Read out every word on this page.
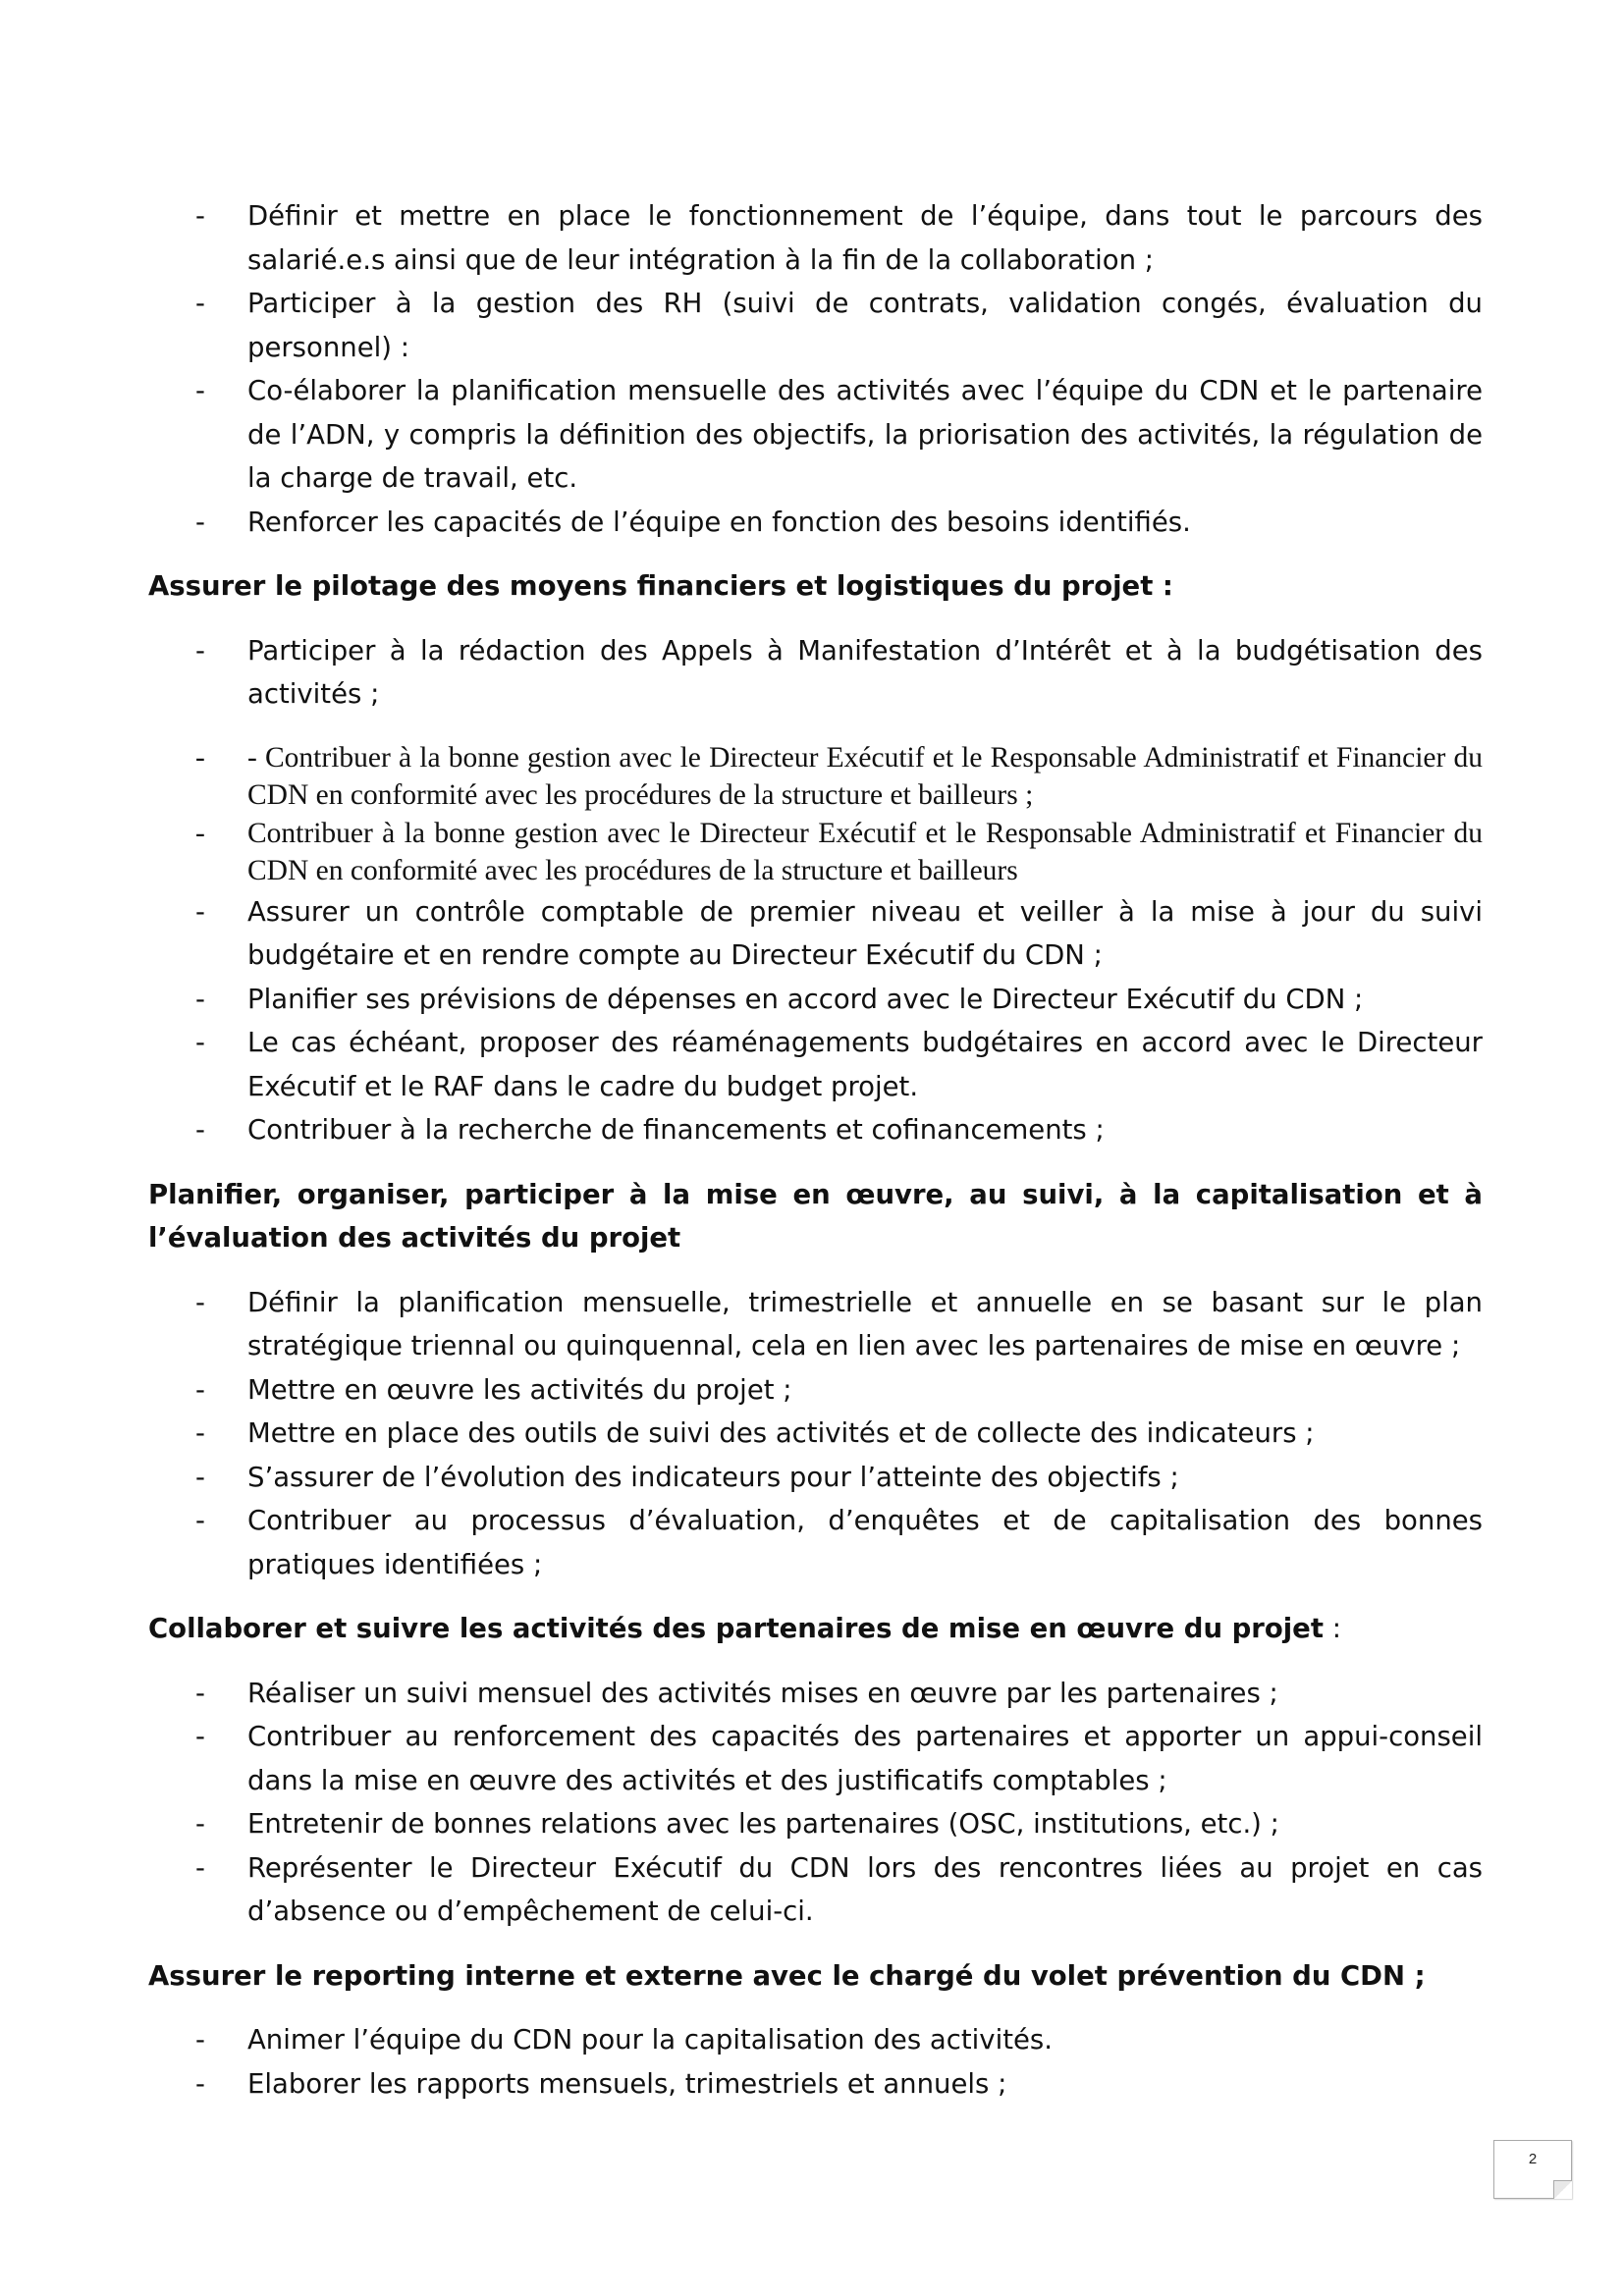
-	Définir et mettre en place le fonctionnement de l’équipe, dans tout le parcours des salarié.e.s ainsi que de leur intégration à la fin de la collaboration ;
-	Participer à la gestion des RH (suivi de contrats, validation congés, évaluation du personnel) :
-	Co-élaborer la planification mensuelle des activités avec l’équipe du CDN et le partenaire de l’ADN, y compris la définition des objectifs, la priorisation des activités, la régulation de la charge de travail, etc.
-	Renforcer les capacités de l’équipe en fonction des besoins identifiés.
Assurer le pilotage des moyens financiers et logistiques du projet :
-	Participer à la rédaction des Appels à Manifestation d’Intérêt et à la budgétisation des activités ;
-	- Contribuer à la bonne gestion avec le Directeur Exécutif et le Responsable Administratif et Financier du CDN en conformité avec les procédures de la structure et bailleurs ;
-	Contribuer à la bonne gestion avec le Directeur Exécutif et le Responsable Administratif et Financier du CDN en conformité avec les procédures de la structure et bailleurs
-	Assurer un contrôle comptable de premier niveau et veiller à la mise à jour du suivi budgétaire et en rendre compte au Directeur Exécutif du CDN ;
-	Planifier ses prévisions de dépenses en accord avec le Directeur Exécutif du CDN ;
-	Le cas échéant, proposer des réaménagements budgétaires en accord avec le Directeur Exécutif et le RAF dans le cadre du budget projet.
-	Contribuer à la recherche de financements et cofinancements ;
Planifier, organiser, participer à la mise en œuvre, au suivi, à la capitalisation et à l’évaluation des activités du projet
-	Définir la planification mensuelle, trimestrielle et annuelle en se basant sur le plan stratégique triennal ou quinquennal, cela en lien avec les partenaires de mise en œuvre ;
-	Mettre en œuvre les activités du projet ;
-	Mettre en place des outils de suivi des activités et de collecte des indicateurs ;
-	S’assurer de l’évolution des indicateurs pour l’atteinte des objectifs ;
-	Contribuer au processus d’évaluation, d’enquêtes et de capitalisation des bonnes pratiques identifiées ;
Collaborer et suivre les activités des partenaires de mise en œuvre du projet :
-	Réaliser un suivi mensuel des activités mises en œuvre par les partenaires ;
-	Contribuer au renforcement des capacités des partenaires et apporter un appui-conseil dans la mise en œuvre des activités et des justificatifs comptables ;
-	Entretenir de bonnes relations avec les partenaires (OSC, institutions, etc.) ;
-	Représenter le Directeur Exécutif du CDN lors des rencontres liées au projet en cas d’absence ou d’empêchement de celui-ci.
Assurer le reporting interne et externe avec le chargé du volet prévention du CDN ;
-	Animer l’équipe du CDN pour la capitalisation des activités.
-	Elaborer les rapports mensuels, trimestriels et annuels ;
2
